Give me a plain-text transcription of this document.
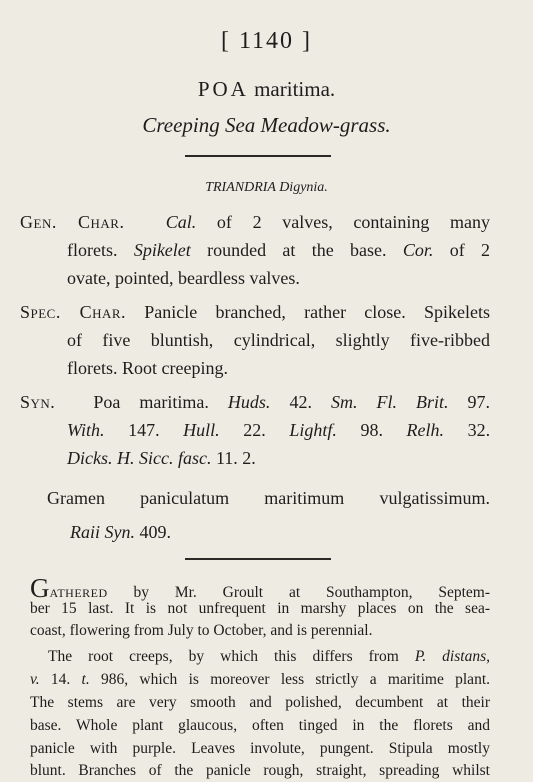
[ 1140 ]
POA maritima.
Creeping Sea Meadow-grass.
TRIANDRIA Digynia.
Gen. Char. Cal. of 2 valves, containing many
florets. Spikelet rounded at the base. Cor. of 2
ovate, pointed, beardless valves.
Spec. Char. Panicle branched, rather close. Spikelets
of five bluntish, cylindrical, slightly five-ribbed
florets. Root creeping.
Syn. Poa maritima. Huds. 42. Sm. Fl. Brit. 97.
With. 147. Hull. 22. Lightf. 98. Relh. 32.
Dicks. H. Sicc. fasc. 11. 2.
Gramen paniculatum maritimum vulgatissimum.
Raii Syn. 409.
Gathered by Mr. Groult at Southampton, Septem-
ber 15 last. It is not unfrequent in marshy places on the sea-
coast, flowering from July to October, and is perennial.
The root creeps, by which this differs from P. distans,
v. 14. t. 986, which is moreover less strictly a maritime plant.
The stems are very smooth and polished, decumbent at their
base. Whole plant glaucous, often tinged in the florets and
panicle with purple. Leaves involute, pungent. Stipula mostly
blunt. Branches of the panicle rough, straight, spreading whilst
